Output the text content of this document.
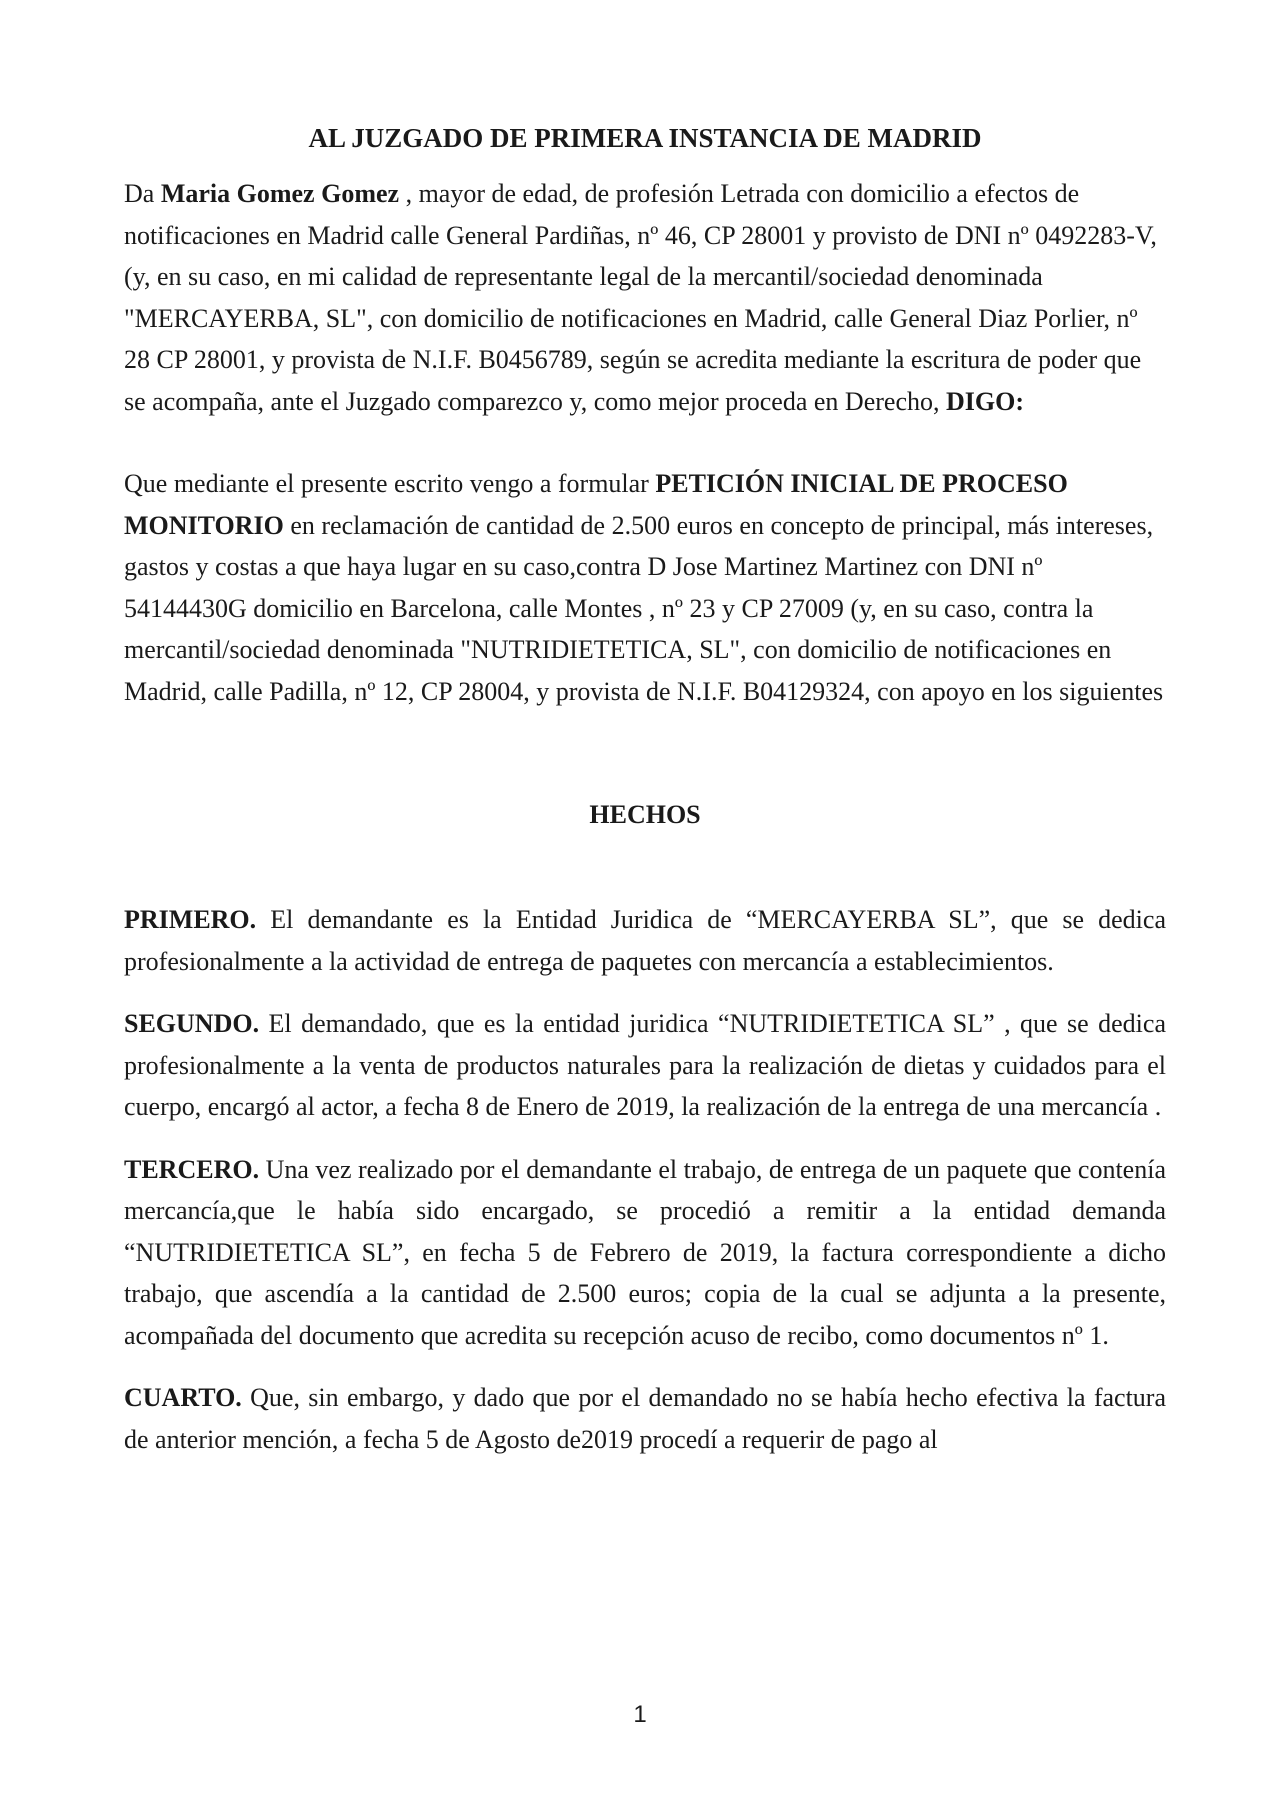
AL JUZGADO DE PRIMERA INSTANCIA DE MADRID

Da Maria Gomez Gomez , mayor de edad, de profesión Letrada con domicilio a efectos de notificaciones en Madrid calle General Pardiñas, nº 46, CP 28001 y provisto de DNI nº 0492283-V, (y, en su caso, en mi calidad de representante legal de la mercantil/sociedad denominada "MERCAYERBA, SL", con domicilio de notificaciones en Madrid, calle General Diaz Porlier, nº 28 CP 28001, y provista de N.I.F. B0456789, según se acredita mediante la escritura de poder que se acompaña, ante el Juzgado comparezco y, como mejor proceda en Derecho, DIGO:

Que mediante el presente escrito vengo a formular PETICIÓN INICIAL DE PROCESO MONITORIO en reclamación de cantidad de 2.500 euros en concepto de principal, más intereses, gastos y costas a que haya lugar en su caso,contra D Jose Martinez Martinez con DNI nº 54144430G domicilio en Barcelona, calle Montes , nº 23 y CP 27009 (y, en su caso, contra la mercantil/sociedad denominada "NUTRIDIETETICA, SL", con domicilio de notificaciones en Madrid, calle Padilla, nº 12, CP 28004, y provista de N.I.F. B04129324, con apoyo en los siguientes

HECHOS

PRIMERO. El demandante es la Entidad Juridica de “MERCAYERBA SL”, que se dedica profesionalmente a la actividad de entrega de paquetes con mercancía a establecimientos.

SEGUNDO. El demandado, que es la entidad juridica “NUTRIDIETETICA SL” , que se dedica profesionalmente a la venta de productos naturales para la realización de dietas y cuidados para el cuerpo, encargó al actor, a fecha 8 de Enero de 2019, la realización de la entrega de una mercancía .

TERCERO. Una vez realizado por el demandante el trabajo, de entrega de un paquete que contenía mercancía,que le había sido encargado, se procedió a remitir a la entidad demanda “NUTRIDIETETICA SL”, en fecha 5 de Febrero de 2019, la factura correspondiente a dicho trabajo, que ascendía a la cantidad de 2.500 euros; copia de la cual se adjunta a la presente, acompañada del documento que acredita su recepción acuso de recibo, como documentos nº 1.

CUARTO. Que, sin embargo, y dado que por el demandado no se había hecho efectiva la factura de anterior mención, a fecha 5 de Agosto de2019 procedí a requerir de pago al

1
